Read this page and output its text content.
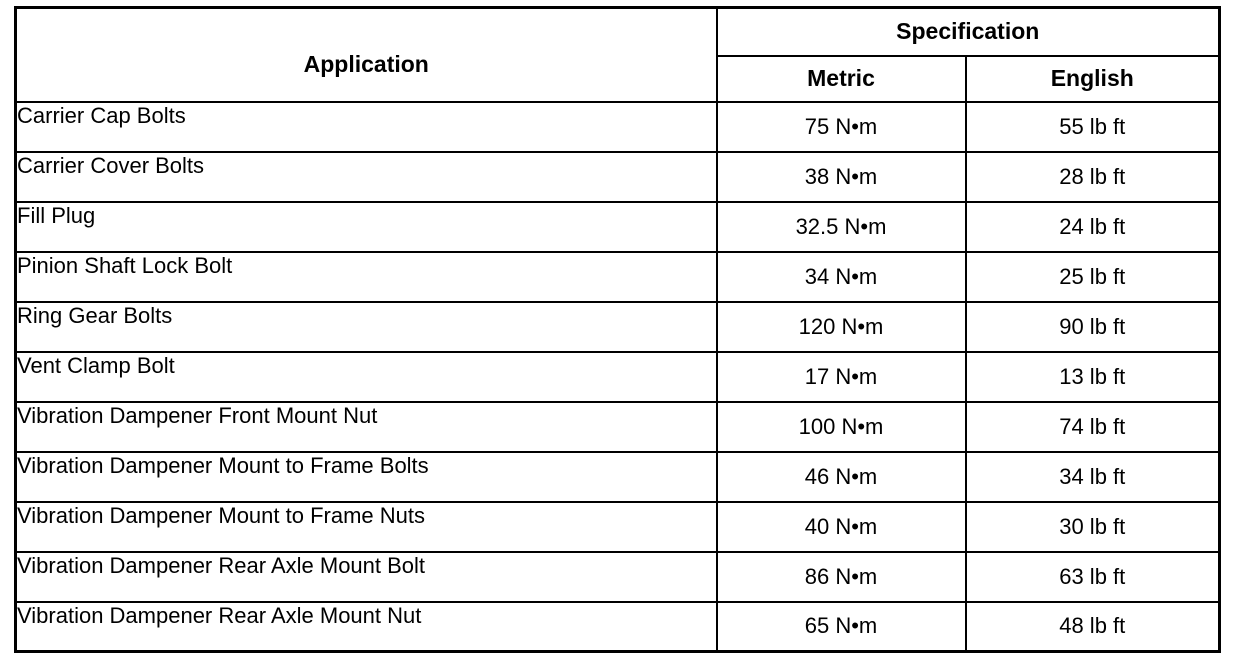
Application	Specification	
	Metric	English
Carrier Cap Bolts	75 N•m	55 lb ft
Carrier Cover Bolts	38 N•m	28 lb ft
Fill Plug	32.5 N•m	24 lb ft
Pinion Shaft Lock Bolt	34 N•m	25 lb ft
Ring Gear Bolts	120 N•m	90 lb ft
Vent Clamp Bolt	17 N•m	13 lb ft
Vibration Dampener Front Mount Nut	100 N•m	74 lb ft
Vibration Dampener Mount to Frame Bolts	46 N•m	34 lb ft
Vibration Dampener Mount to Frame Nuts	40 N•m	30 lb ft
Vibration Dampener Rear Axle Mount Bolt	86 N•m	63 lb ft
Vibration Dampener Rear Axle Mount Nut	65 N•m	48 lb ft
